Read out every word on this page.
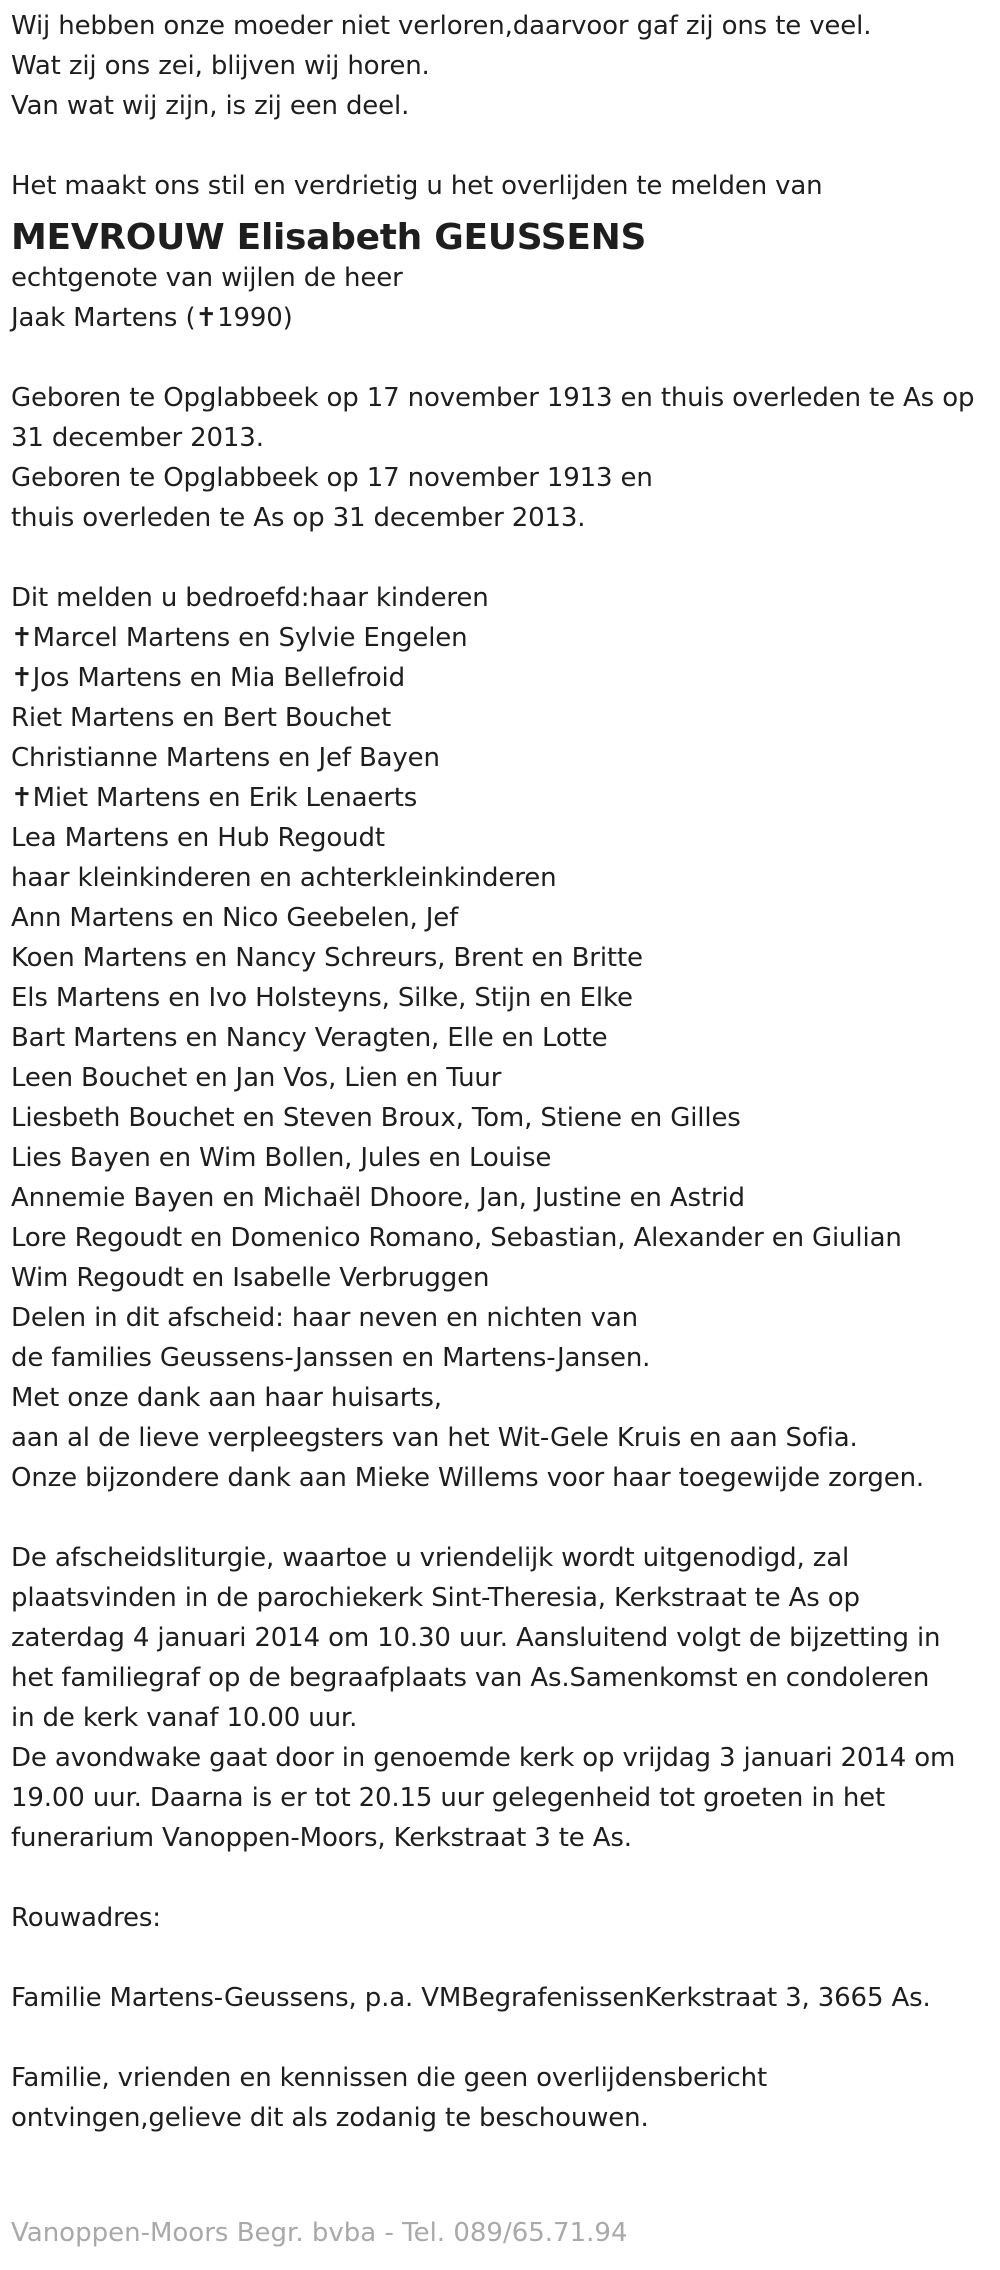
Wij hebben onze moeder niet verloren,daarvoor gaf zij ons te veel.
Wat zij ons zei, blijven wij horen.
Van wat wij zijn, is zij een deel.
Het maakt ons stil en verdrietig u het overlijden te melden van
MEVROUW Elisabeth GEUSSENS
echtgenote van wijlen de heer
Jaak Martens (✝1990)
Geboren te Opglabbeek op 17 november 1913 en thuis overleden te As op
31 december 2013.
Geboren te Opglabbeek op 17 november 1913 en
thuis overleden te As op 31 december 2013.
Dit melden u bedroefd:haar kinderen
✝Marcel Martens en Sylvie Engelen
✝Jos Martens en Mia Bellefroid
Riet Martens en Bert Bouchet
Christianne Martens en Jef Bayen
✝Miet Martens en Erik Lenaerts
Lea Martens en Hub Regoudt
haar kleinkinderen en achterkleinkinderen
Ann Martens en Nico Geebelen, Jef
Koen Martens en Nancy Schreurs, Brent en Britte
Els Martens en Ivo Holsteyns, Silke, Stijn en Elke
Bart Martens en Nancy Veragten, Elle en Lotte
Leen Bouchet en Jan Vos, Lien en Tuur
Liesbeth Bouchet en Steven Broux, Tom, Stiene en Gilles
Lies Bayen en Wim Bollen, Jules en Louise
Annemie Bayen en Michaël Dhoore, Jan, Justine en Astrid
Lore Regoudt en Domenico Romano, Sebastian, Alexander en Giulian
Wim Regoudt en Isabelle Verbruggen
Delen in dit afscheid: haar neven en nichten van
de families Geussens-Janssen en Martens-Jansen.
Met onze dank aan haar huisarts,
aan al de lieve verpleegsters van het Wit-Gele Kruis en aan Sofia.
Onze bijzondere dank aan Mieke Willems voor haar toegewijde zorgen.
De afscheidsliturgie, waartoe u vriendelijk wordt uitgenodigd, zal
plaatsvinden in de parochiekerk Sint-Theresia, Kerkstraat te As op
zaterdag 4 januari 2014 om 10.30 uur. Aansluitend volgt de bijzetting in
het familiegraf op de begraafplaats van As.Samenkomst en condoleren
in de kerk vanaf 10.00 uur.
De avondwake gaat door in genoemde kerk op vrijdag 3 januari 2014 om
19.00 uur. Daarna is er tot 20.15 uur gelegenheid tot groeten in het
funerarium Vanoppen-Moors, Kerkstraat 3 te As.
Rouwadres:
Familie Martens-Geussens, p.a. VMBegrafenissenKerkstraat 3, 3665 As.
Familie, vrienden en kennissen die geen overlijdensbericht
ontvingen,gelieve dit als zodanig te beschouwen.
Vanoppen-Moors Begr. bvba - Tel. 089/65.71.94
